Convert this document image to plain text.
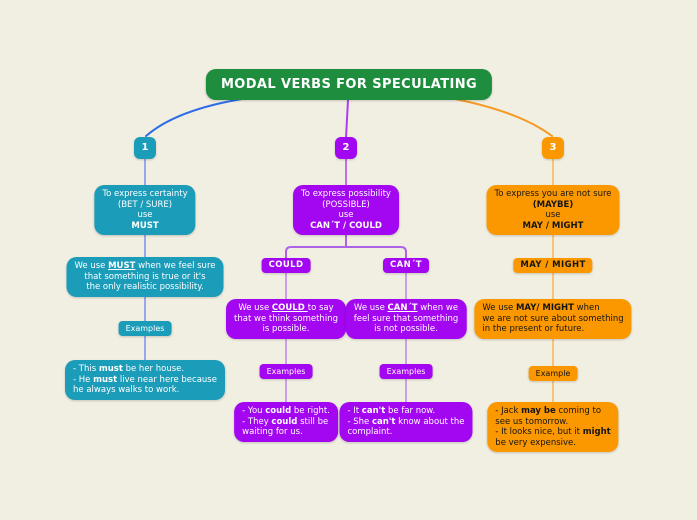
MODAL VERBS FOR SPECULATING
1	2	3
To express certainty
(BET / SURE)
use
MUST
We use MUST when we feel sure
that something is true or it's
the only realistic possibility.
Examples
- This must be her house.
- He must live near here because
he always walks to work.
To express possibility
(POSSIBLE)
use
CAN´T / COULD
COULD	CAN´T
We use COULD to say
that we think something
is possible.
We use CAN´T when we
feel sure that something
is not possible.
Examples	Examples
- You could be right.
- They could still be
waiting for us.
- It can't be far now.
- She can't know about the
complaint.
To express you are not sure
(MAYBE)
use
MAY / MIGHT
MAY / MIGHT
We use MAY/ MIGHT when
we are not sure about something
in the present or future.
Example
- Jack may be coming to
see us tomorrow.
- It looks nice, but it might
be very expensive.
